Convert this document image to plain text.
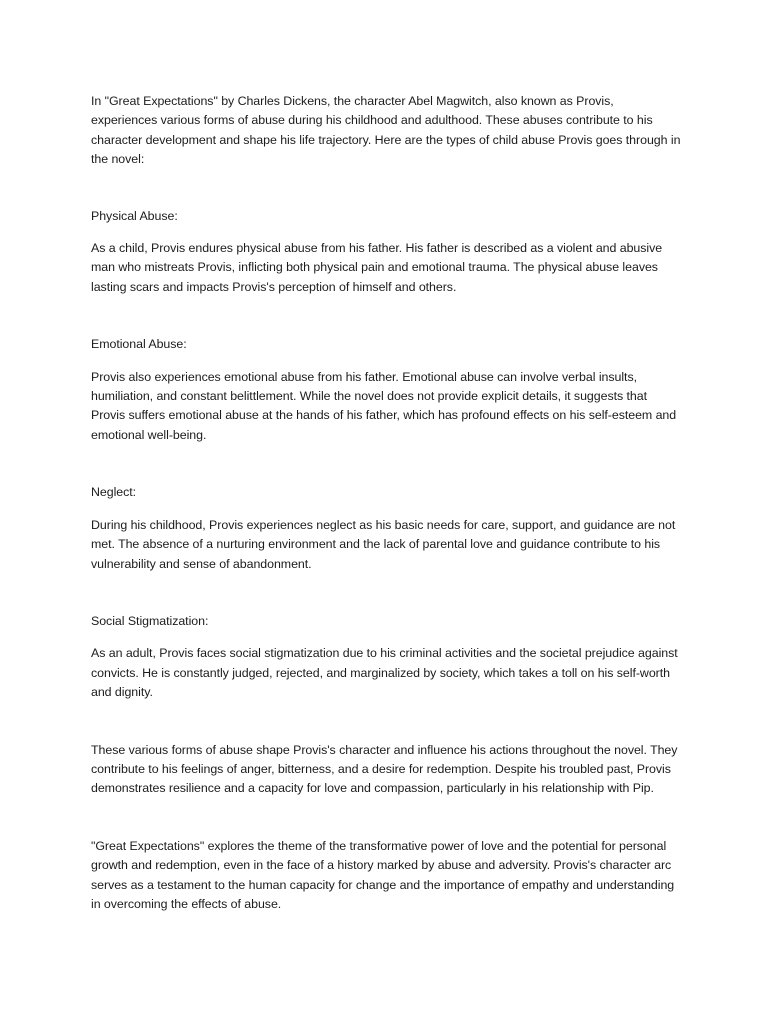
In "Great Expectations" by Charles Dickens, the character Abel Magwitch, also known as Provis, experiences various forms of abuse during his childhood and adulthood. These abuses contribute to his character development and shape his life trajectory. Here are the types of child abuse Provis goes through in the novel:

Physical Abuse:

As a child, Provis endures physical abuse from his father. His father is described as a violent and abusive man who mistreats Provis, inflicting both physical pain and emotional trauma. The physical abuse leaves lasting scars and impacts Provis's perception of himself and others.

Emotional Abuse:

Provis also experiences emotional abuse from his father. Emotional abuse can involve verbal insults, humiliation, and constant belittlement. While the novel does not provide explicit details, it suggests that Provis suffers emotional abuse at the hands of his father, which has profound effects on his self-esteem and emotional well-being.

Neglect:

During his childhood, Provis experiences neglect as his basic needs for care, support, and guidance are not met. The absence of a nurturing environment and the lack of parental love and guidance contribute to his vulnerability and sense of abandonment.

Social Stigmatization:

As an adult, Provis faces social stigmatization due to his criminal activities and the societal prejudice against convicts. He is constantly judged, rejected, and marginalized by society, which takes a toll on his self-worth and dignity.

These various forms of abuse shape Provis's character and influence his actions throughout the novel. They contribute to his feelings of anger, bitterness, and a desire for redemption. Despite his troubled past, Provis demonstrates resilience and a capacity for love and compassion, particularly in his relationship with Pip.

"Great Expectations" explores the theme of the transformative power of love and the potential for personal growth and redemption, even in the face of a history marked by abuse and adversity. Provis's character arc serves as a testament to the human capacity for change and the importance of empathy and understanding in overcoming the effects of abuse.
